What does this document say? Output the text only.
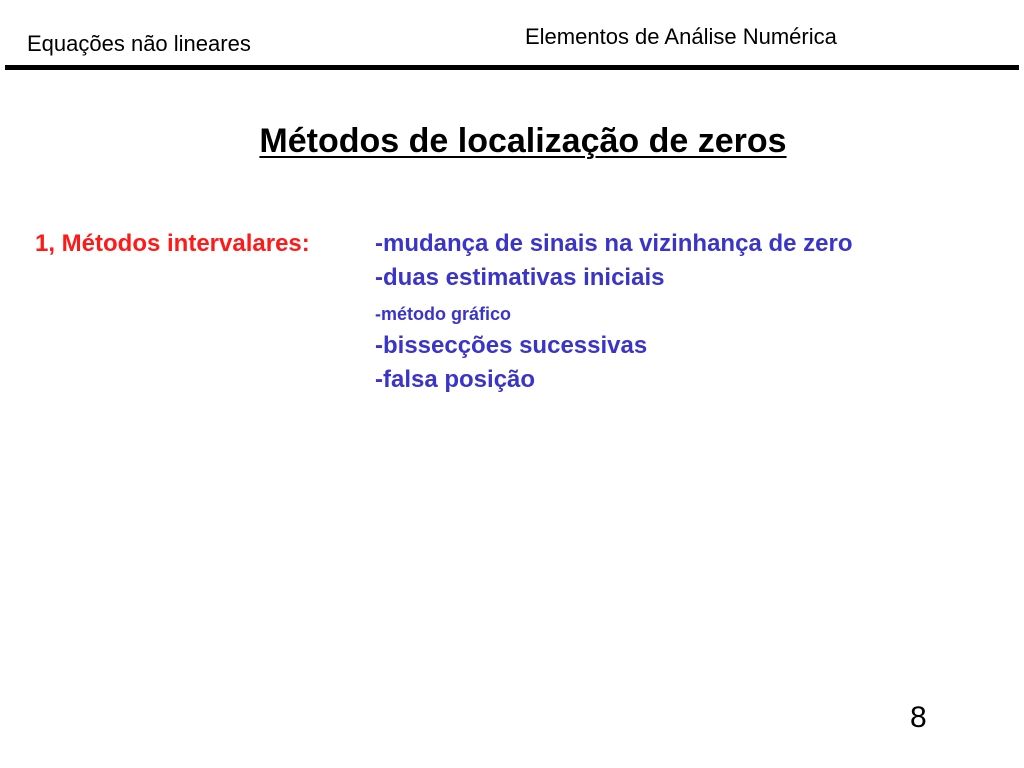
Equações não lineares	Elementos de Análise Numérica
Métodos de localização de zeros
1, Métodos intervalares:	-mudança de sinais na vizinhança de zero
-duas estimativas iniciais
-método gráfico
-bissecções sucessivas
-falsa posição
8
